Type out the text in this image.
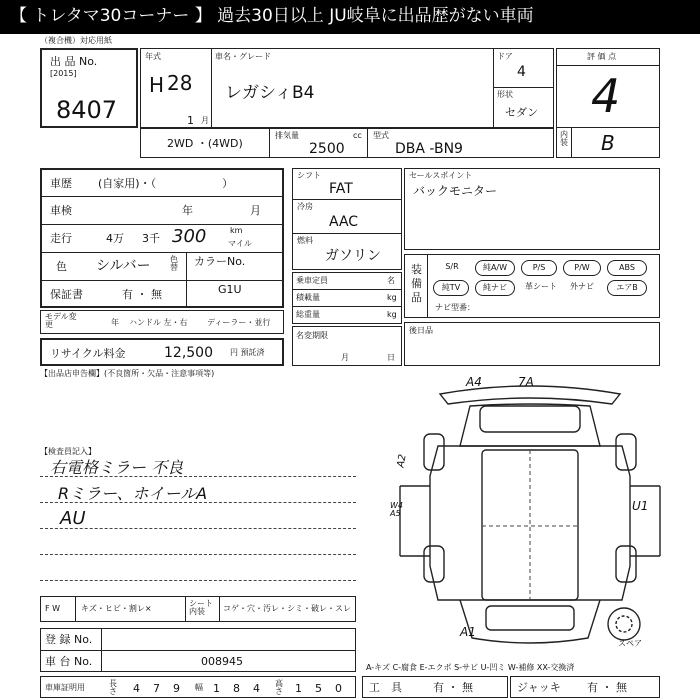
【 トレタマ30コーナー 】 過去30日以上 JU岐阜に出品歴がない車両
（複合機）対応用紙
出 品 No.
[2015]
8407
年式
H 28
1 月
車名・グレード
レガシィB4
ドア
4
形状
セダン
評 価 点
4
内装 B
2WD ・(4WD)
排気量	cc
2500
型式
DBA -BN9
車歴 (自家用)・（　　　　　　）
車検	年	月
走行	4万 3千 300	km
マイル
色 シルバー 色替 カラーNo.
G1U
保証書	有 ・ 無
モデル変更	年 ハンドル 左・右 ディーラー・並行
リサイクル料金	12,500 円 預託済
シフト
FAT
冷房
AAC
燃料
ガソリン
乗車定員	名
積載量	kg
総重量	kg
名変期限
月	日
セールスポイント
バックモニター
装備品
S/R	純A/W	P/S	P/W	ABS
純TV	純ナビ	革シート	外ナビ	エアB
ナビ型番：
後日品
【出品店申告欄】(不良箇所・欠品・注意事項等)
【検査員記入】
右電格ミラー 不良
Rミラー、ホイールA
AU
A4	7A
A2
W4 A5
U1
A1
スペア
F W	キズ・ヒビ・割レ×
シート内装	コゲ・穴・汚レ・シミ・破レ・スレ
登 録 No.
車 台 No.	008945
車庫証明用	長さ 4 7 9 幅 1 8 4 高さ 1 5 0
A-キズ C-腐食 E-エクボ S-サビ U-凹ミ W-補修 XX-交換済
工　具	有 ・ 無	ジャッキ 有 ・ 無
